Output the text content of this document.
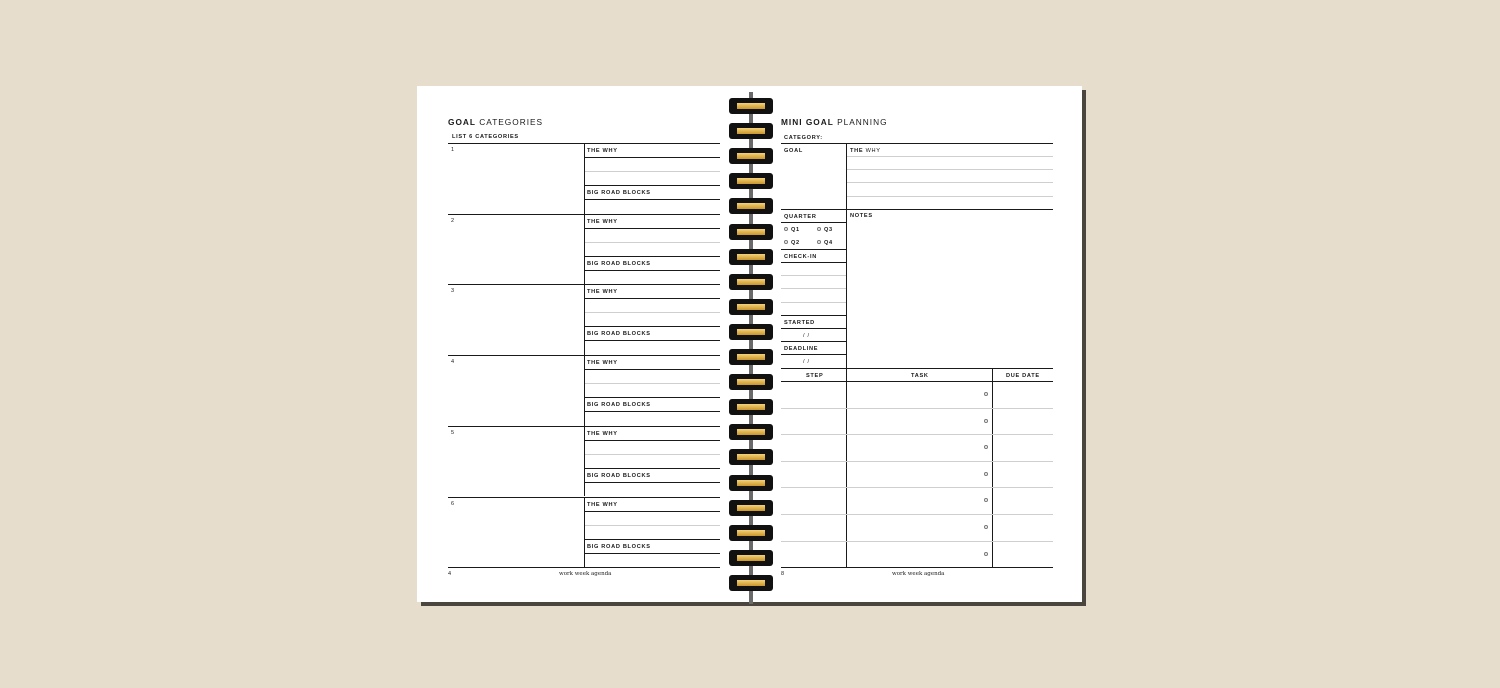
GOAL CATEGORIES
LIST 6 CATEGORIES
1	THE WHY
BIG ROAD BLOCKS
2	THE WHY
BIG ROAD BLOCKS
3	THE WHY
BIG ROAD BLOCKS
4	THE WHY
BIG ROAD BLOCKS
5	THE WHY
BIG ROAD BLOCKS
6	THE WHY
BIG ROAD BLOCKS
4	work week agenda
MINI GOAL PLANNING
CATEGORY:
GOAL	THE WHY
QUARTER	NOTES
Q1	Q3
Q2	Q4
CHECK-IN
STARTED
/ /
DEADLINE
/ /
STEP	TASK	DUE DATE
8	work week agenda
